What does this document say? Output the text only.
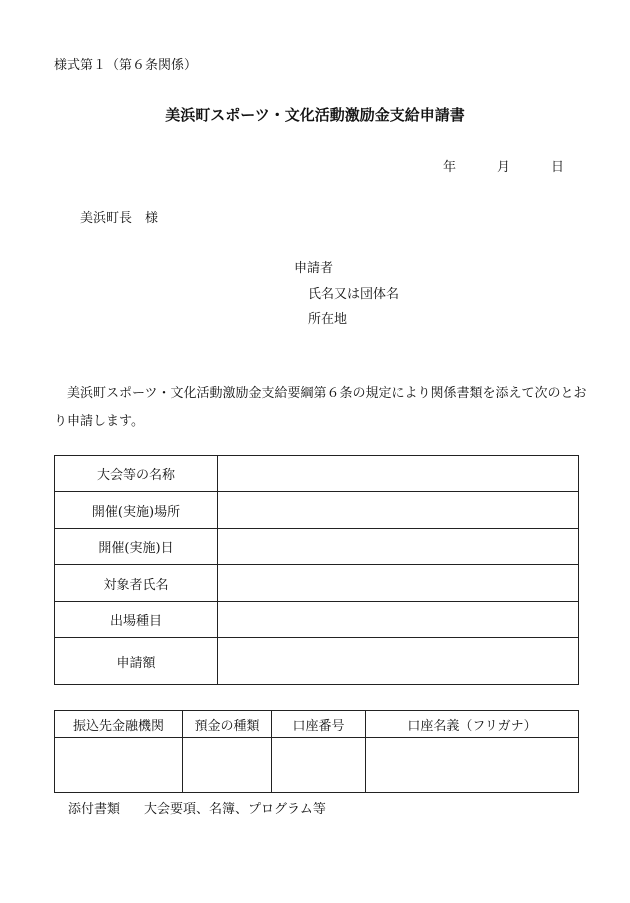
様式第１（第６条関係）
美浜町スポーツ・文化活動激励金支給申請書
年	月	日
美浜町長　様
申請者
氏名又は団体名
所在地
美浜町スポーツ・文化活動激励金支給要綱第６条の規定により関係書類を添えて次のとおり申請します。
大会等の名称	
開催(実施)場所	
開催(実施)日	
対象者氏名	
出場種目	
申請額	
振込先金融機関	預金の種類	口座番号	口座名義（フリガナ）

添付書類 大会要項、名簿、プログラム等
